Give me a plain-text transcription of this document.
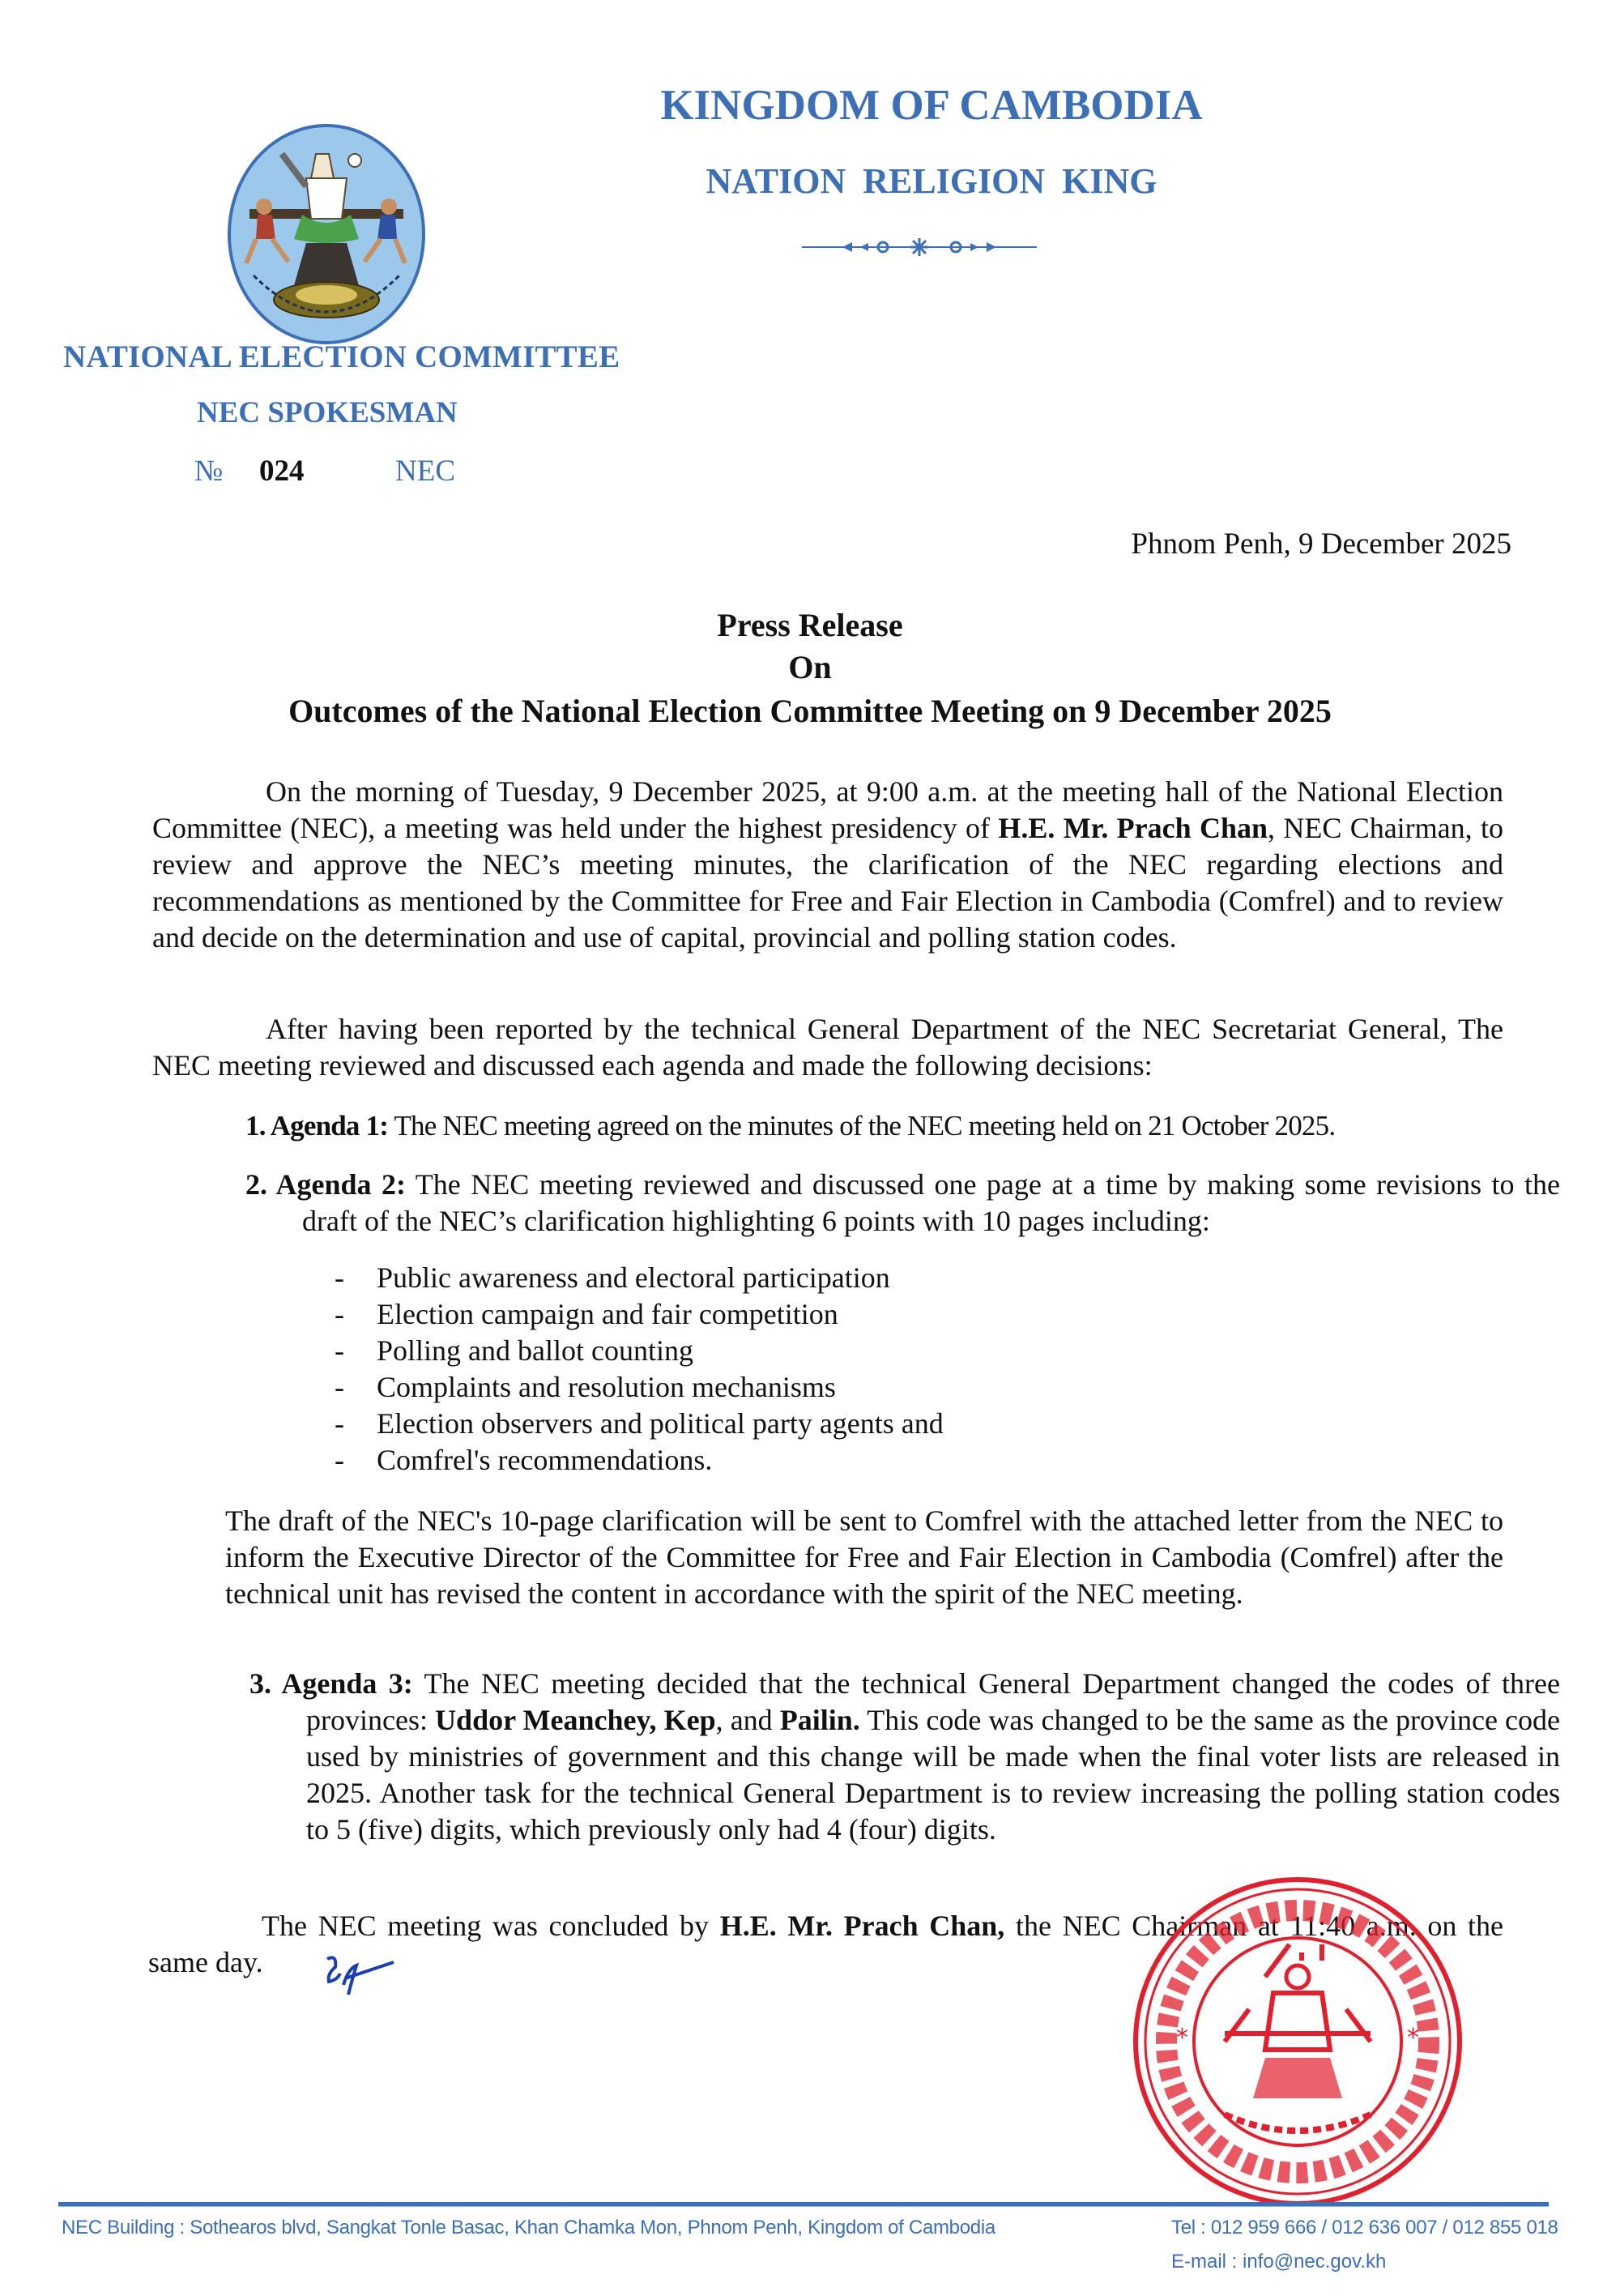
NATIONAL ELECTION COMMITTEE
NEC SPOKESMAN
№	024	NEC
KINGDOM OF CAMBODIA
NATION RELIGION KING
Phnom Penh, 9 December 2025
Press Release
On
Outcomes of the National Election Committee Meeting on 9 December 2025
On the morning of Tuesday, 9 December 2025, at 9:00 a.m. at the meeting hall of the National Election Committee (NEC), a meeting was held under the highest presidency of H.E. Mr. Prach Chan, NEC Chairman, to review and approve the NEC’s meeting minutes, the clarification of the NEC regarding elections and recommendations as mentioned by the Committee for Free and Fair Election in Cambodia (Comfrel) and to review and decide on the determination and use of capital, provincial and polling station codes.
After having been reported by the technical General Department of the NEC Secretariat General, The NEC meeting reviewed and discussed each agenda and made the following decisions:
1. Agenda 1: The NEC meeting agreed on the minutes of the NEC meeting held on 21 October 2025.
2. Agenda 2: The NEC meeting reviewed and discussed one page at a time by making some revisions to the draft of the NEC’s clarification highlighting 6 points with 10 pages including:
-	Public awareness and electoral participation
-	Election campaign and fair competition
-	Polling and ballot counting
-	Complaints and resolution mechanisms
-	Election observers and political party agents and
-	Comfrel's recommendations.
The draft of the NEC's 10-page clarification will be sent to Comfrel with the attached letter from the NEC to inform the Executive Director of the Committee for Free and Fair Election in Cambodia (Comfrel) after the technical unit has revised the content in accordance with the spirit of the NEC meeting.
3. Agenda 3: The NEC meeting decided that the technical General Department changed the codes of three provinces: Uddor Meanchey, Kep, and Pailin. This code was changed to be the same as the province code used by ministries of government and this change will be made when the final voter lists are released in 2025. Another task for the technical General Department is to review increasing the polling station codes to 5 (five) digits, which previously only had 4 (four) digits.
The NEC meeting was concluded by H.E. Mr. Prach Chan, the NEC Chairman at 11:40 a.m. on the same day.
*	*
NEC Building : Sothearos blvd, Sangkat Tonle Basac, Khan Chamka Mon, Phnom Penh, Kingdom of Cambodia	Tel : 012 959 666 / 012 636 007 / 012 855 018
E-mail : info@nec.gov.kh
